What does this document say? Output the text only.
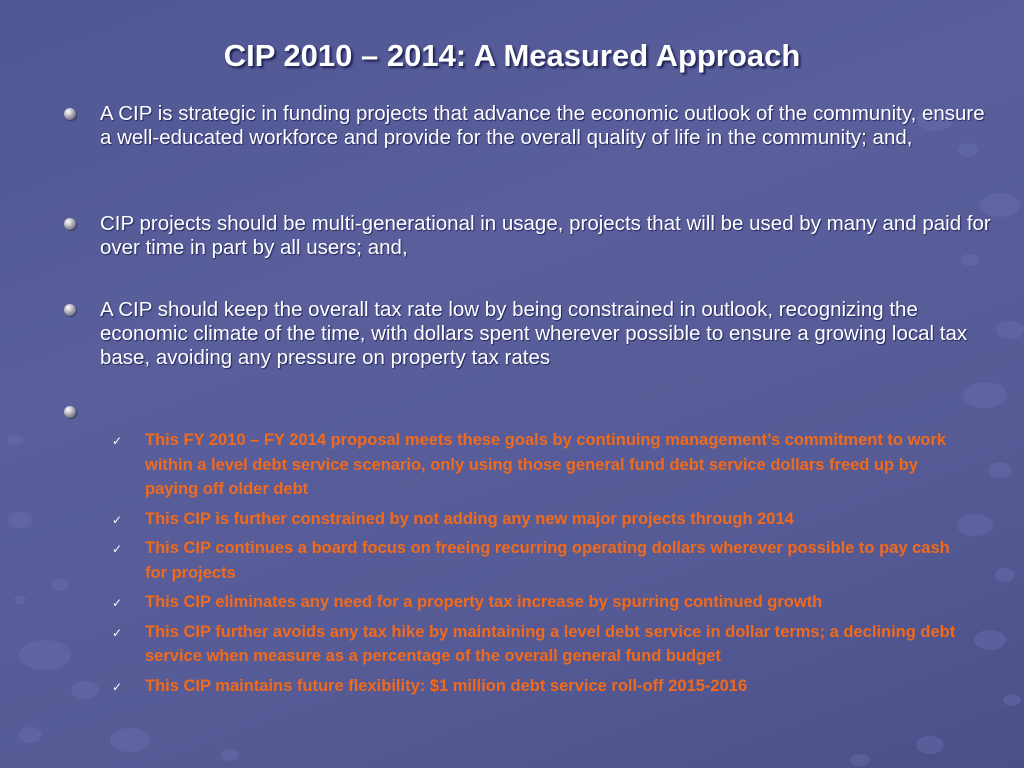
CIP 2010 – 2014: A Measured Approach
A CIP is strategic in funding projects that advance the economic outlook of the community, ensure a well-educated workforce and provide for the overall quality of life in the community; and,
CIP projects should be multi-generational in usage, projects that will be used by many and paid for over time in part by all users; and,
A CIP should keep the overall tax rate low by being constrained in outlook, recognizing the economic climate of the time, with dollars spent wherever possible to ensure a growing local tax base, avoiding any pressure on property tax rates
✓ This FY 2010 – FY 2014 proposal meets these goals by continuing management’s commitment to work within a level debt service scenario, only using those general fund debt service dollars freed up by paying off older debt
✓ This CIP is further constrained by not adding any new major projects through 2014
✓ This CIP continues a board focus on freeing recurring operating dollars wherever possible to pay cash for projects
✓ This CIP eliminates any need for a property tax increase by spurring continued growth
✓ This CIP further avoids any tax hike by maintaining a level debt service in dollar terms; a declining debt service when measure as a percentage of the overall general fund budget
✓ This CIP maintains future flexibility: $1 million debt service roll-off 2015-2016
